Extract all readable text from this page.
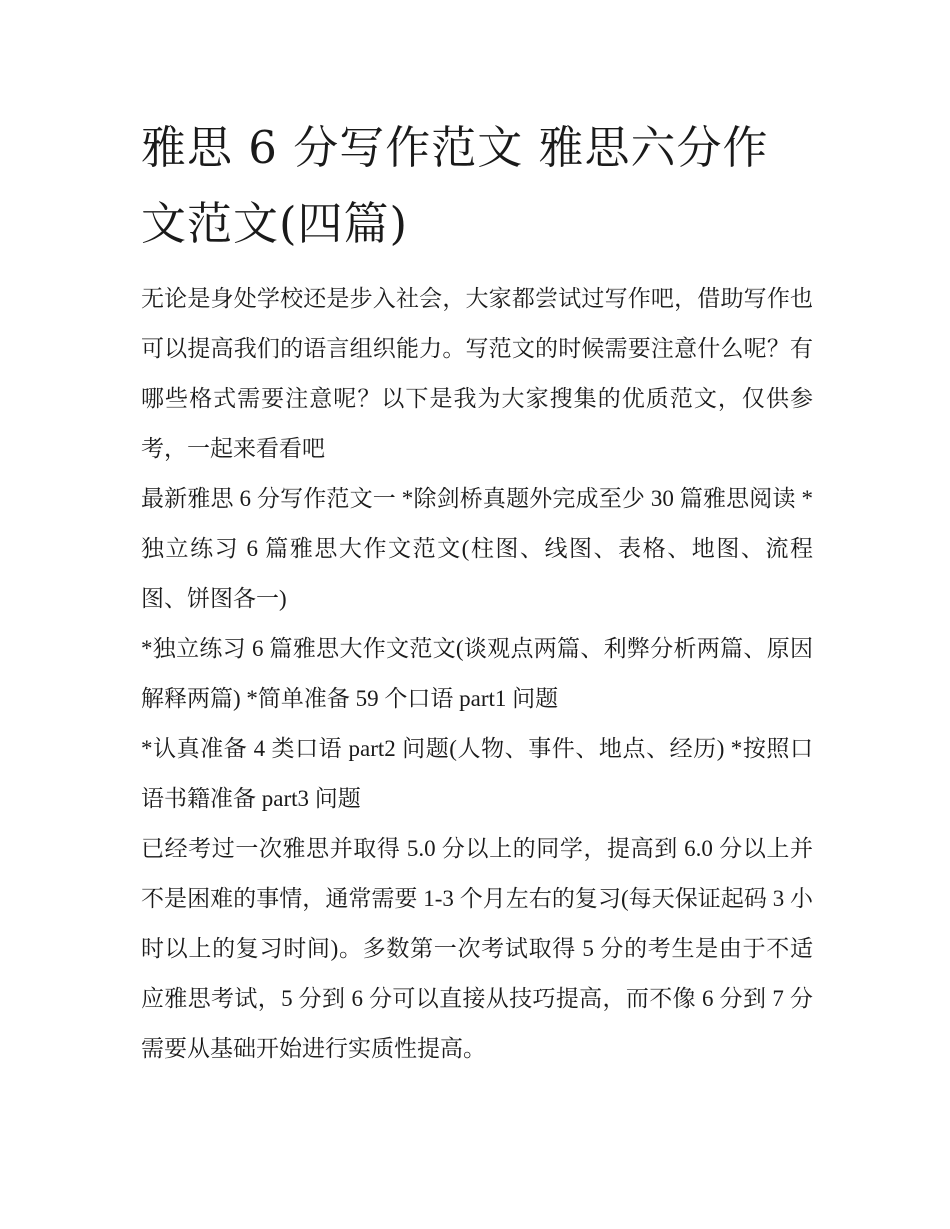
雅思 6 分写作范文 雅思六分作文范文(四篇)

无论是身处学校还是步入社会，大家都尝试过写作吧，借助写作也可以提高我们的语言组织能力。写范文的时候需要注意什么呢？有哪些格式需要注意呢？以下是我为大家搜集的优质范文，仅供参考，一起来看看吧

最新雅思 6 分写作范文一 *除剑桥真题外完成至少 30 篇雅思阅读 *独立练习 6 篇雅思大作文范文(柱图、线图、表格、地图、流程图、饼图各一)

*独立练习 6 篇雅思大作文范文(谈观点两篇、利弊分析两篇、原因解释两篇) *简单准备 59 个口语 part1 问题

*认真准备 4 类口语 part2 问题(人物、事件、地点、经历) *按照口语书籍准备 part3 问题

已经考过一次雅思并取得 5.0 分以上的同学，提高到 6.0 分以上并不是困难的事情，通常需要 1-3 个月左右的复习(每天保证起码 3 小时以上的复习时间)。多数第一次考试取得 5 分的考生是由于不适应雅思考试，5 分到 6 分可以直接从技巧提高，而不像 6 分到 7 分需要从基础开始进行实质性提高。
